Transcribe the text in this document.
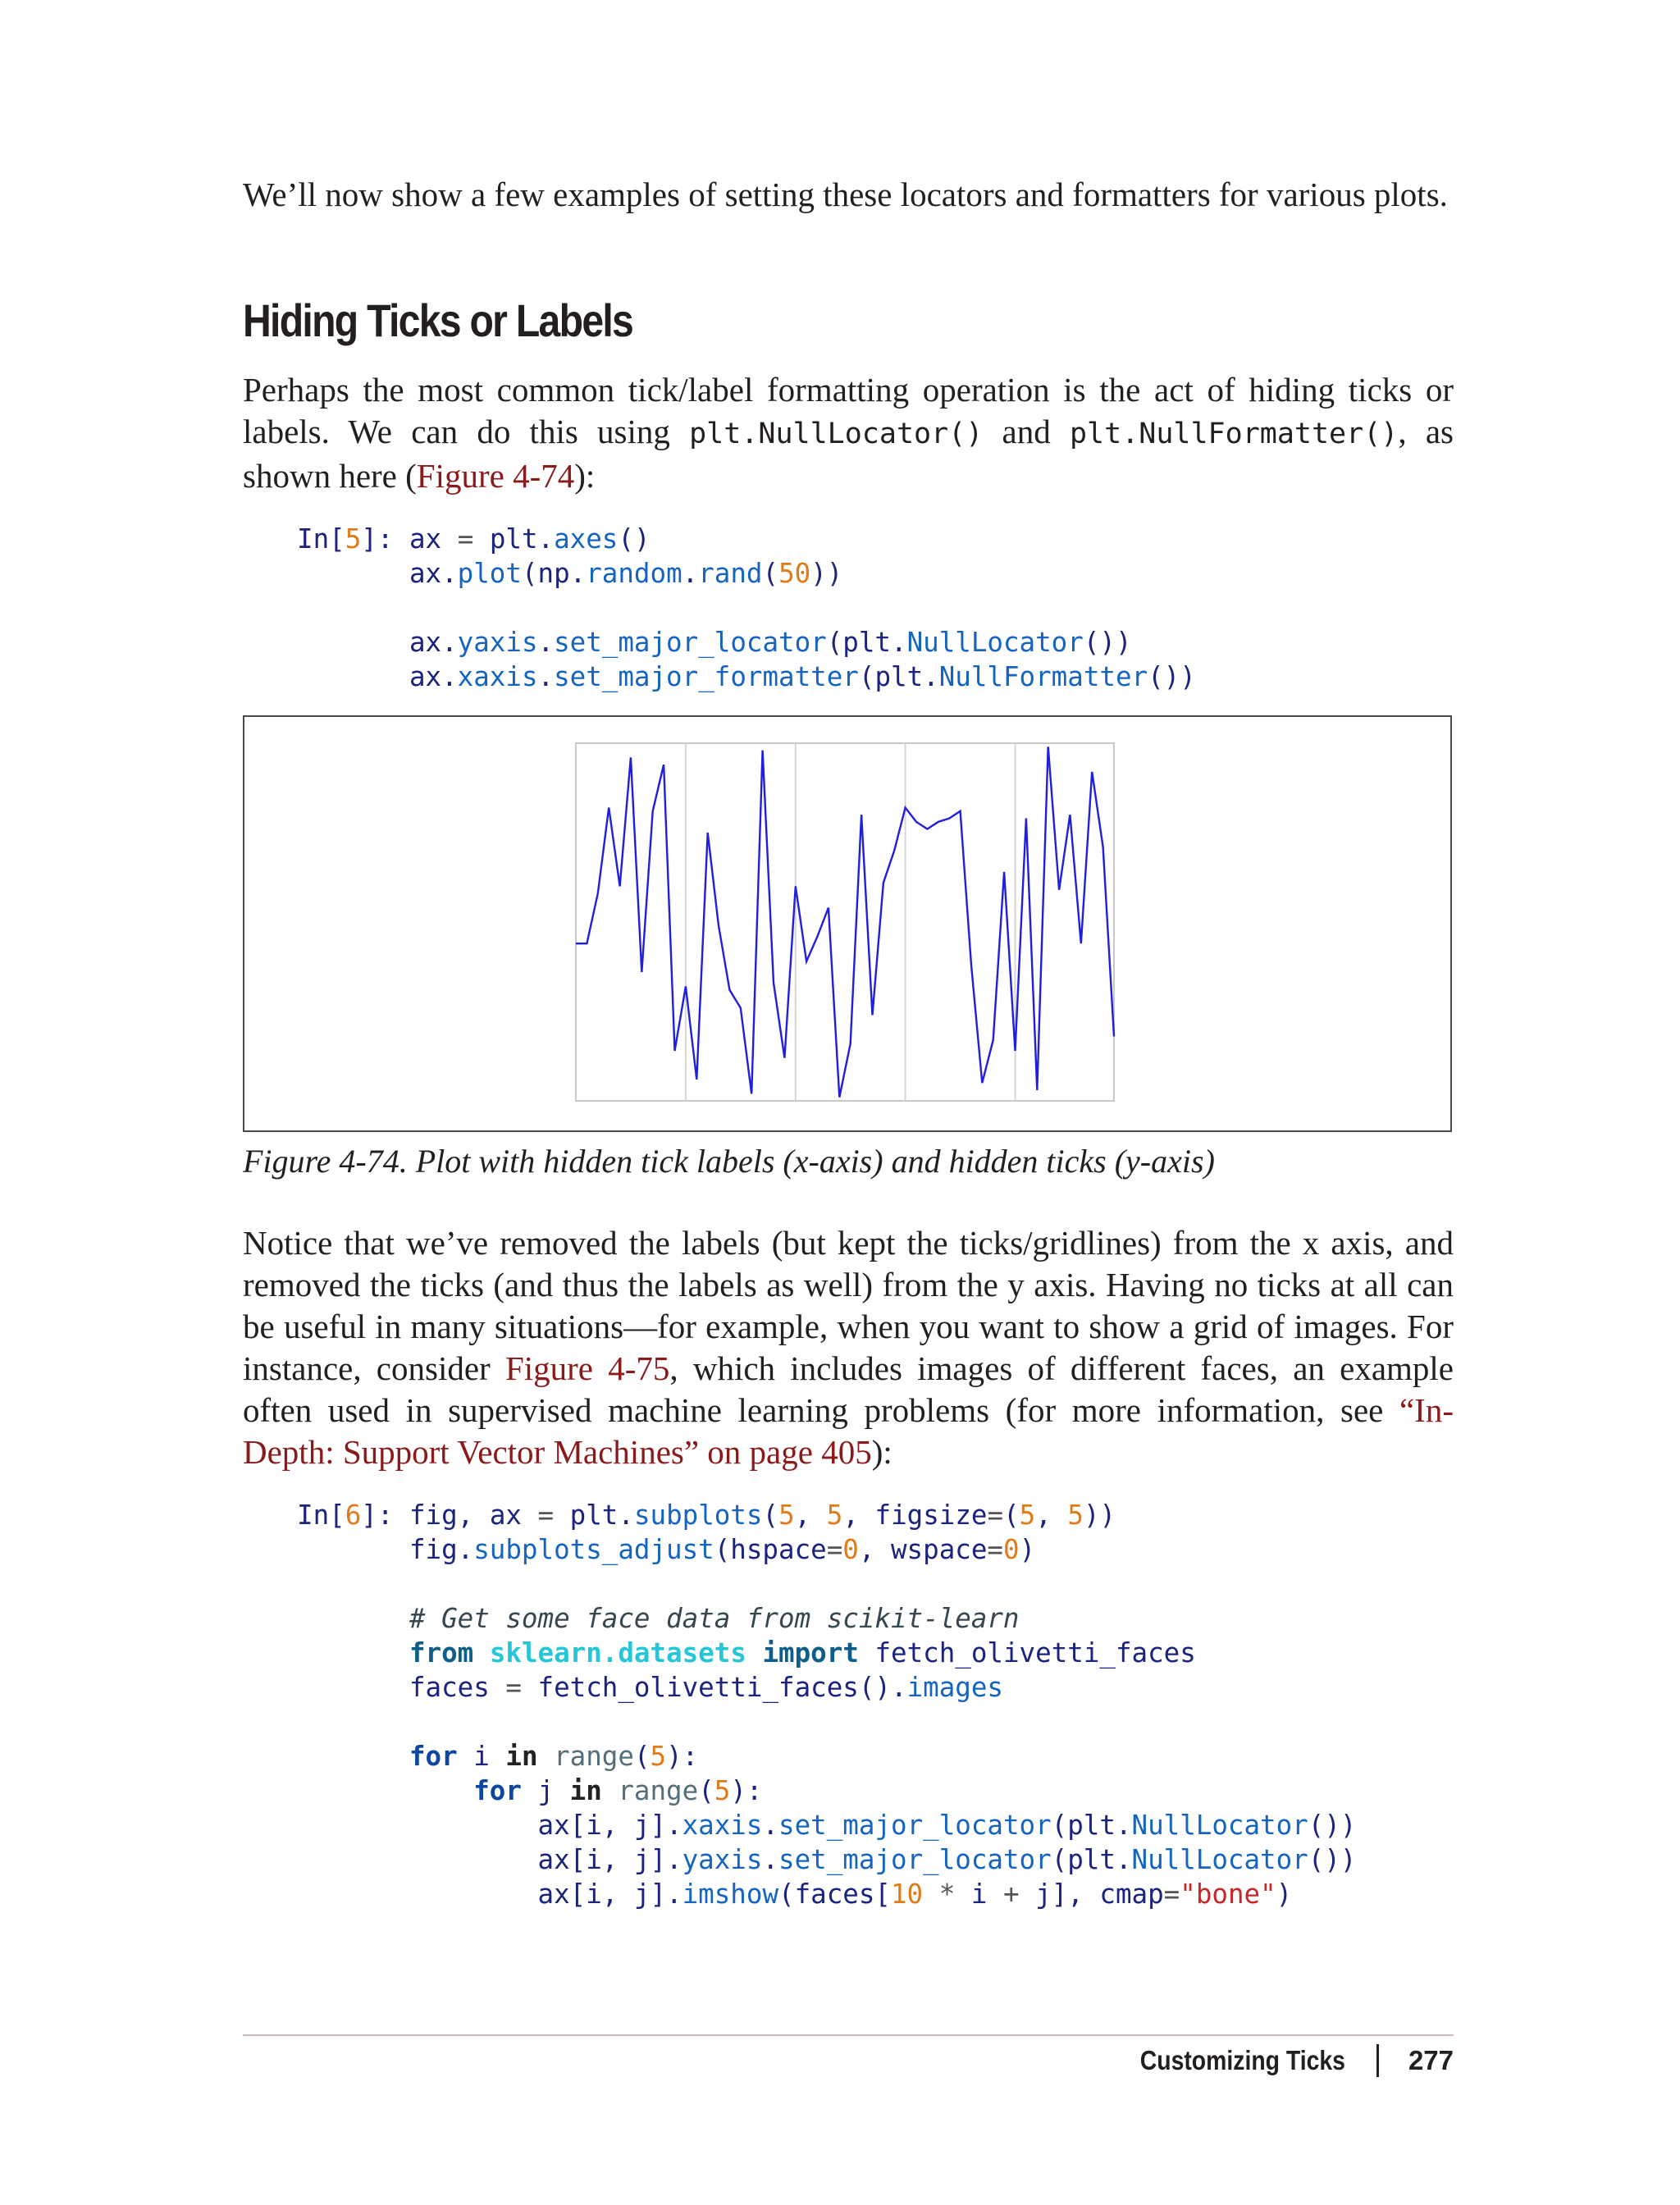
We’ll now show a few examples of setting these locators and formatters for various plots.

Hiding Ticks or Labels

Perhaps the most common tick/label formatting operation is the act of hiding ticks or labels. We can do this using plt.NullLocator() and plt.NullFormatter(), as shown here (Figure 4-74):

In[5]: ax = plt.axes()
ax.plot(np.random.rand(50))

ax.yaxis.set_major_locator(plt.NullLocator())
ax.xaxis.set_major_formatter(plt.NullFormatter())
Figure 4-74. Plot with hidden tick labels (x-axis) and hidden ticks (y-axis)

Notice that we’ve removed the labels (but kept the ticks/gridlines) from the x axis, and removed the ticks (and thus the labels as well) from the y axis. Having no ticks at all can be useful in many situations—for example, when you want to show a grid of images. For instance, consider Figure 4-75, which includes images of different faces, an example often used in supervised machine learning problems (for more information, see “In-Depth: Support Vector Machines” on page 405):

In[6]: fig, ax = plt.subplots(5, 5, figsize=(5, 5))
fig.subplots_adjust(hspace=0, wspace=0)

# Get some face data from scikit-learn
from sklearn.datasets import fetch_olivetti_faces
faces = fetch_olivetti_faces().images

for i in range(5):
for j in range(5):
ax[i, j].xaxis.set_major_locator(plt.NullLocator())
ax[i, j].yaxis.set_major_locator(plt.NullLocator())
ax[i, j].imshow(faces[10 * i + j], cmap="bone")
Customizing Ticks 277
